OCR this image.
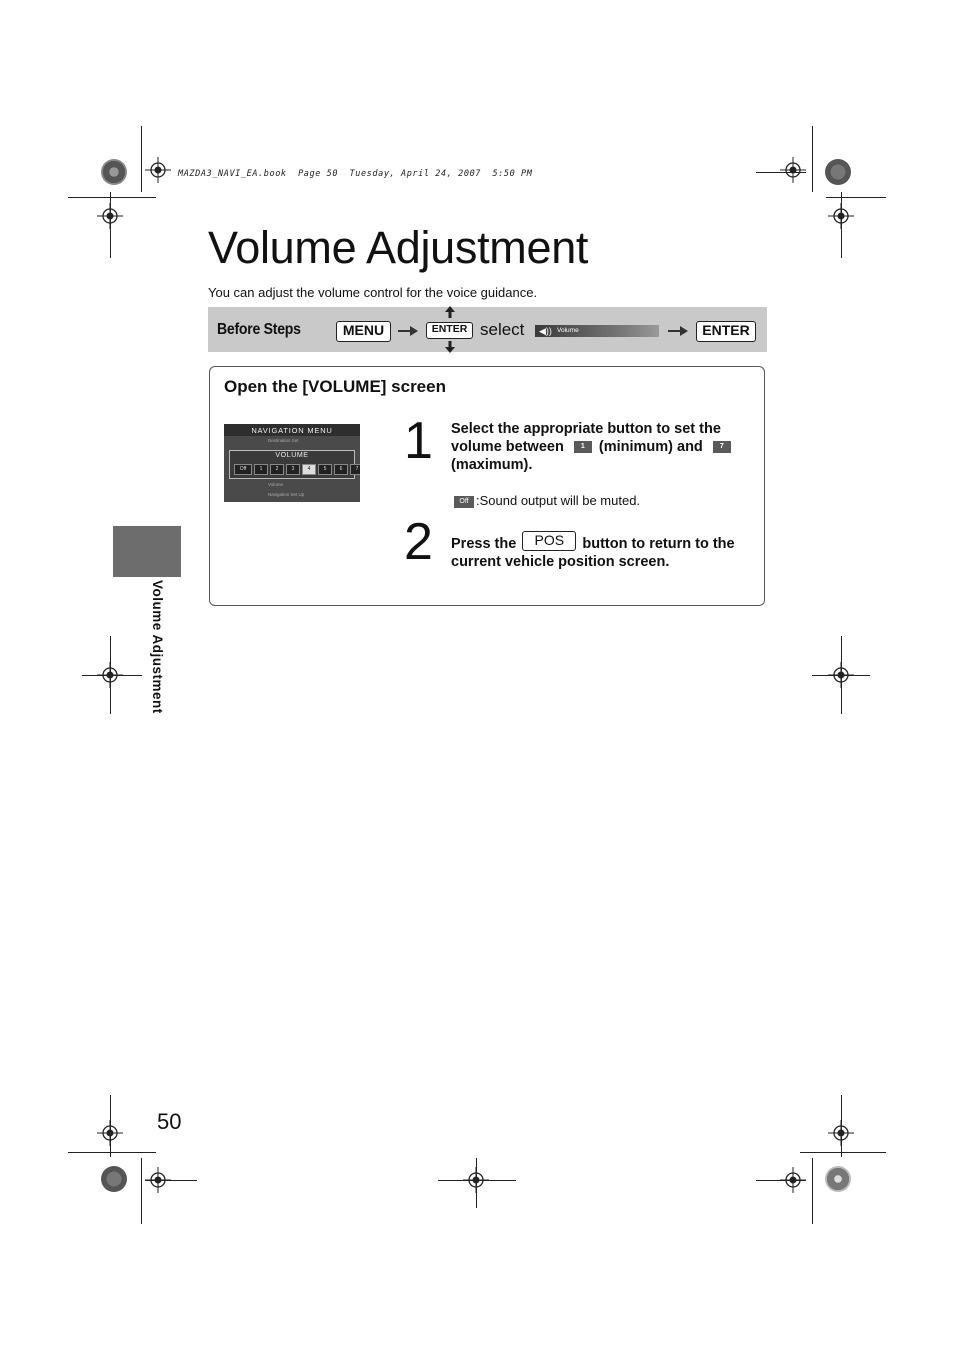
MAZDA3_NAVI_EA.book  Page 50  Tuesday, April 24, 2007  5:50 PM
Volume Adjustment
You can adjust the volume control for the voice guidance.
Before Steps	MENU	ENTER select ◀)) Volume	ENTER
Open the [VOLUME] screen
NAVIGATION MENU
Destination Set
VOLUME
Off	1	2	3	4	5	6	7
Volume
Navigation Set Up
1 Select the appropriate button to set the
volume between 1 (minimum) and 7
(maximum).
Off :Sound output will be muted.
2 Press the POS button to return to the
current vehicle position screen.
Volume Adjustment
50
